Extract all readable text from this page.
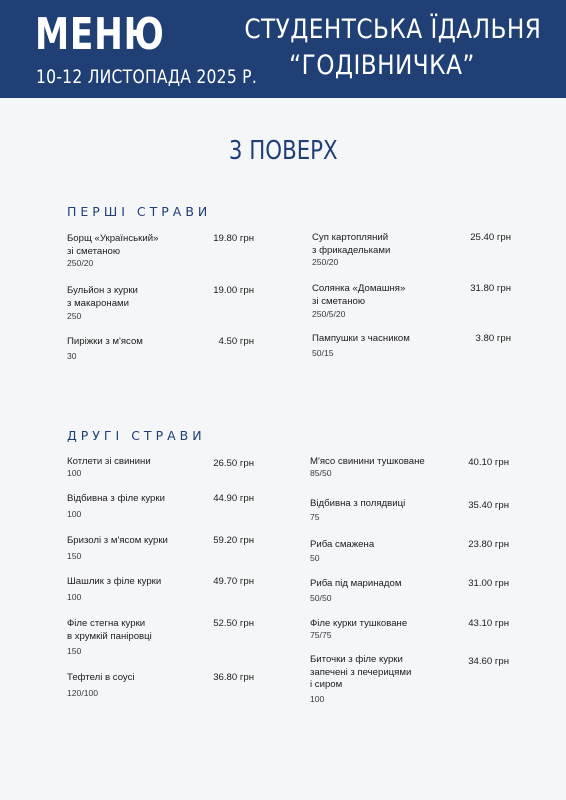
МЕНЮ
10-12 ЛИСТОПАДА 2025 Р.
СТУДЕНТСЬКА ЇДАЛЬНЯ
“ГОДІВНИЧКА”
3 ПОВЕРХ
ПЕРШІ СТРАВИ
Борщ «Український»
зі сметаною
19.80 грн
250/20
Бульйон з курки
з макаронами
19.00 грн
250
Пиріжки з м'ясом	4.50 грн
30
Суп картопляний
з фрикадельками
25.40 грн
250/20
Солянка «Домашня»
зі сметаною
31.80 грн
250/5/20
Пампушки з часником	3.80 грн
50/15
ДРУГІ СТРАВИ
Котлети зі свинини	26.50 грн
100
Відбивна з філе курки	44.90 грн
100
Бризолі з м'ясом курки	59.20 грн
150
Шашлик з філе курки	49.70 грн
100
Філе стегна курки
в хрумкій паніровці
52.50 грн
150
Тефтелі в соусі	36.80 грн
120/100
М'ясо свинини тушковане	40.10 грн
85/50
Відбивна з полядвиці	35.40 грн
75
Риба смажена	23.80 грн
50
Риба під маринадом	31.00 грн
50/50
Філе курки тушковане	43.10 грн
75/75
Биточки з філе курки
запечені з печерицями
і сиром
34.60 грн
100
